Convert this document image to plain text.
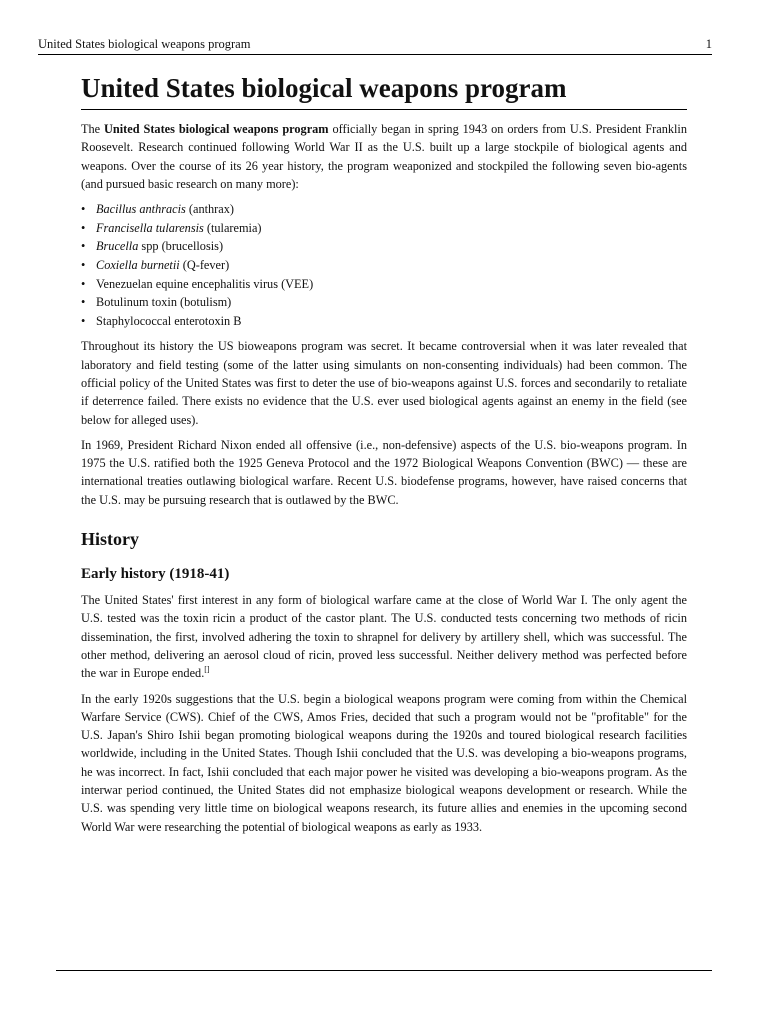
United States biological weapons program	1
United States biological weapons program

The United States biological weapons program officially began in spring 1943 on orders from U.S. President Franklin Roosevelt. Research continued following World War II as the U.S. built up a large stockpile of biological agents and weapons. Over the course of its 26 year history, the program weaponized and stockpiled the following seven bio-agents (and pursued basic research on many more):

• Bacillus anthracis (anthrax)
• Francisella tularensis (tularemia)
• Brucella spp (brucellosis)
• Coxiella burnetii (Q-fever)
• Venezuelan equine encephalitis virus (VEE)
• Botulinum toxin (botulism)
• Staphylococcal enterotoxin B

Throughout its history the US bioweapons program was secret. It became controversial when it was later revealed that laboratory and field testing (some of the latter using simulants on non-consenting individuals) had been common. The official policy of the United States was first to deter the use of bio-weapons against U.S. forces and secondarily to retaliate if deterrence failed. There exists no evidence that the U.S. ever used biological agents against an enemy in the field (see below for alleged uses).

In 1969, President Richard Nixon ended all offensive (i.e., non-defensive) aspects of the U.S. bio-weapons program. In 1975 the U.S. ratified both the 1925 Geneva Protocol and the 1972 Biological Weapons Convention (BWC) — these are international treaties outlawing biological warfare. Recent U.S. biodefense programs, however, have raised concerns that the U.S. may be pursuing research that is outlawed by the BWC.

History
Early history (1918-41)

The United States' first interest in any form of biological warfare came at the close of World War I. The only agent the U.S. tested was the toxin ricin a product of the castor plant. The U.S. conducted tests concerning two methods of ricin dissemination, the first, involved adhering the toxin to shrapnel for delivery by artillery shell, which was successful. The other method, delivering an aerosol cloud of ricin, proved less successful. Neither delivery method was perfected before the war in Europe ended.[]

In the early 1920s suggestions that the U.S. begin a biological weapons program were coming from within the Chemical Warfare Service (CWS). Chief of the CWS, Amos Fries, decided that such a program would not be "profitable" for the U.S. Japan's Shiro Ishii began promoting biological weapons during the 1920s and toured biological research facilities worldwide, including in the United States. Though Ishii concluded that the U.S. was developing a bio-weapons programs, he was incorrect. In fact, Ishii concluded that each major power he visited was developing a bio-weapons program. As the interwar period continued, the United States did not emphasize biological weapons development or research. While the U.S. was spending very little time on biological weapons research, its future allies and enemies in the upcoming second World War were researching the potential of biological weapons as early as 1933.
